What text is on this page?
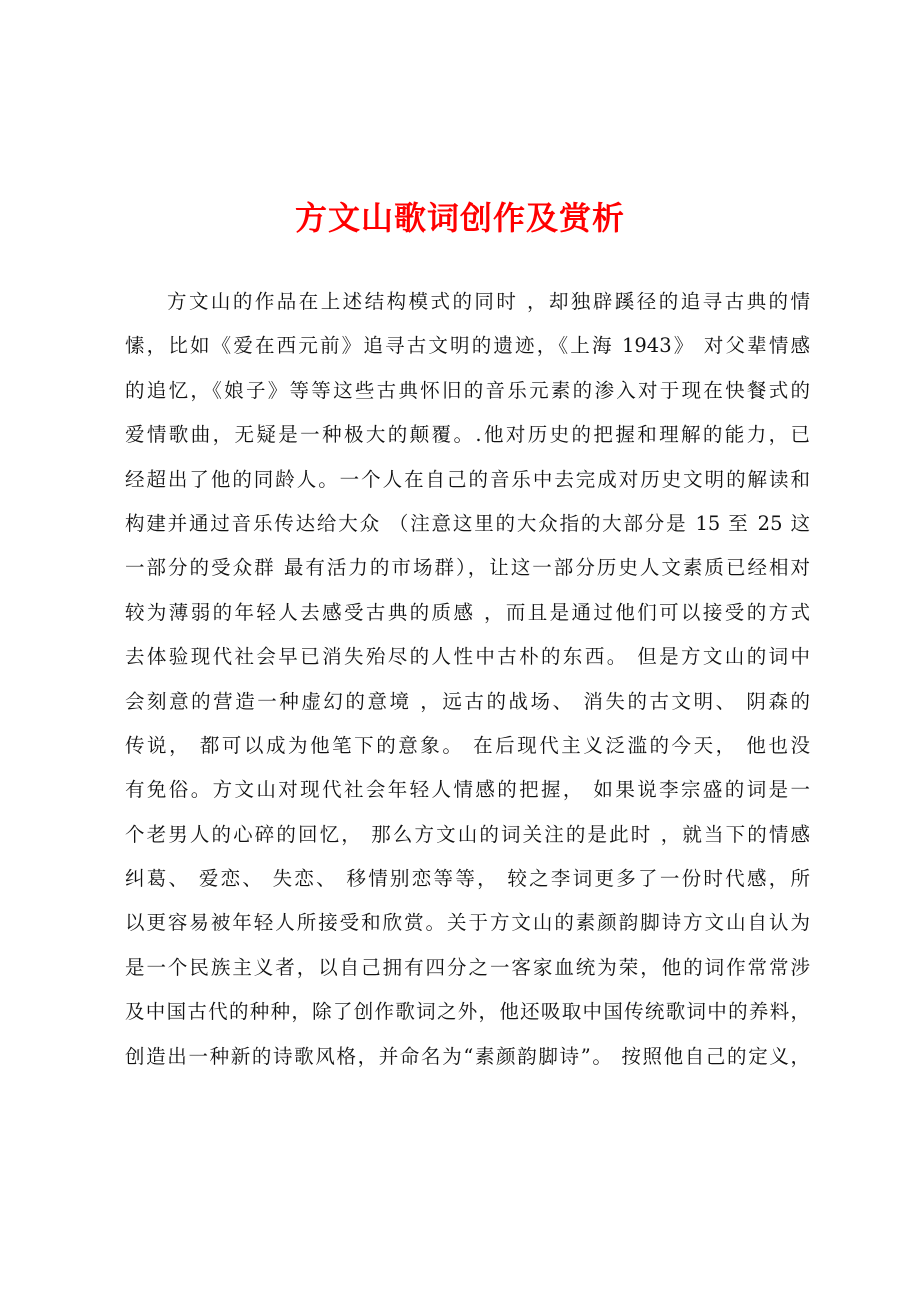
方文山歌词创作及赏析
方文山的作品在上述结构模式的同时 ，却独辟蹊径的追寻古典的情
愫，比如《爱在西元前》追寻古文明的遗迹，《上海 1943》 对父辈情感
的追忆，《娘子》等等这些古典怀旧的音乐元素的渗入对于现在快餐式的
爱情歌曲，无疑是一种极大的颠覆。.他对历史的把握和理解的能力，已
经超出了他的同龄人。一个人在自己的音乐中去完成对历史文明的解读和
构建并通过音乐传达给大众 （注意这里的大众指的大部分是 15 至 25 这
一部分的受众群 最有活力的市场群），让这一部分历史人文素质已经相对
较为薄弱的年轻人去感受古典的质感 ，而且是通过他们可以接受的方式
去体验现代社会早已消失殆尽的人性中古朴的东西。 但是方文山的词中
会刻意的营造一种虚幻的意境 ，远古的战场、 消失的古文明、 阴森的
传说， 都可以成为他笔下的意象。 在后现代主义泛滥的今天， 他也没
有免俗。方文山对现代社会年轻人情感的把握， 如果说李宗盛的词是一
个老男人的心碎的回忆， 那么方文山的词关注的是此时 ，就当下的情感
纠葛、 爱恋、 失恋、 移情别恋等等， 较之李词更多了一份时代感，所
以更容易被年轻人所接受和欣赏。关于方文山的素颜韵脚诗方文山自认为
是一个民族主义者，以自己拥有四分之一客家血统为荣，他的词作常常涉
及中国古代的种种，除了创作歌词之外，他还吸取中国传统歌词中的养料，
创造出一种新的诗歌风格，并命名为“素颜韵脚诗”。 按照他自己的定义，
